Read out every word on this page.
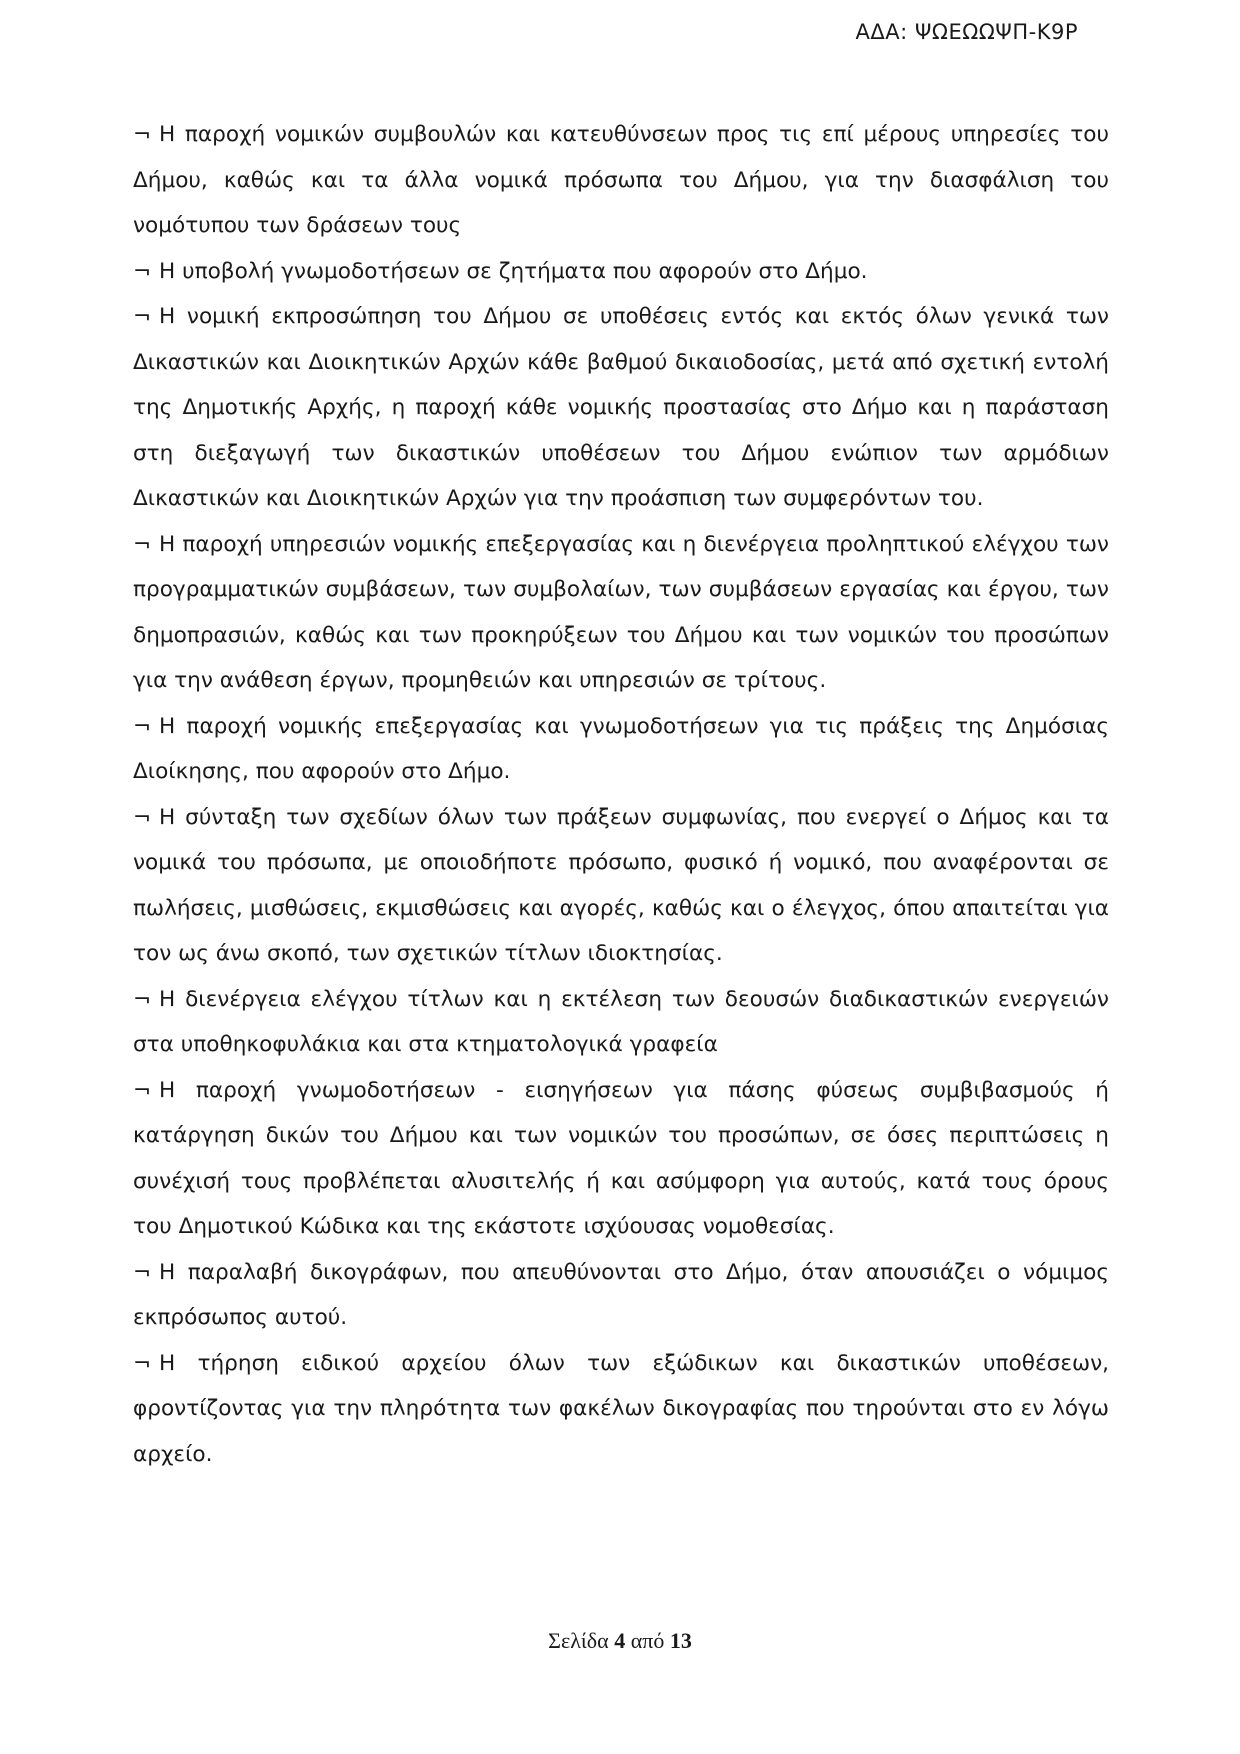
ΑΔΑ: ΨΩΕΩΩΨΠ-Κ9Ρ

¬ Η παροχή νομικών συμβουλών και κατευθύνσεων προς τις επί μέρους υπηρεσίες του Δήμου, καθώς και τα άλλα νομικά πρόσωπα του Δήμου, για την διασφάλιση του νομότυπου των δράσεων τους

¬ Η υποβολή γνωμοδοτήσεων σε ζητήματα που αφορούν στο Δήμο.

¬ Η νομική εκπροσώπηση του Δήμου σε υποθέσεις εντός και εκτός όλων γενικά των Δικαστικών και Διοικητικών Αρχών κάθε βαθμού δικαιοδοσίας, μετά από σχετική εντολή της Δημοτικής Αρχής, η παροχή κάθε νομικής προστασίας στο Δήμο και η παράσταση στη διεξαγωγή των δικαστικών υποθέσεων του Δήμου ενώπιον των αρμόδιων Δικαστικών και Διοικητικών Αρχών για την προάσπιση των συμφερόντων του.

¬ Η παροχή υπηρεσιών νομικής επεξεργασίας και η διενέργεια προληπτικού ελέγχου των προγραμματικών συμβάσεων, των συμβολαίων, των συμβάσεων εργασίας και έργου, των δημοπρασιών, καθώς και των προκηρύξεων του Δήμου και των νομικών του προσώπων για την ανάθεση έργων, προμηθειών και υπηρεσιών σε τρίτους.

¬ Η παροχή νομικής επεξεργασίας και γνωμοδοτήσεων για τις πράξεις της Δημόσιας Διοίκησης, που αφορούν στο Δήμο.

¬ Η σύνταξη των σχεδίων όλων των πράξεων συμφωνίας, που ενεργεί ο Δήμος και τα νομικά του πρόσωπα, με οποιοδήποτε πρόσωπο, φυσικό ή νομικό, που αναφέρονται σε πωλήσεις, μισθώσεις, εκμισθώσεις και αγορές, καθώς και ο έλεγχος, όπου απαιτείται για τον ως άνω σκοπό, των σχετικών τίτλων ιδιοκτησίας.

¬ Η διενέργεια ελέγχου τίτλων και η εκτέλεση των δεουσών διαδικαστικών ενεργειών στα υποθηκοφυλάκια και στα κτηματολογικά γραφεία

¬ Η παροχή γνωμοδοτήσεων - εισηγήσεων για πάσης φύσεως συμβιβασμούς ή κατάργηση δικών του Δήμου και των νομικών του προσώπων, σε όσες περιπτώσεις η συνέχισή τους προβλέπεται αλυσιτελής ή και ασύμφορη για αυτούς, κατά τους όρους του Δημοτικού Κώδικα και της εκάστοτε ισχύουσας νομοθεσίας.

¬ Η παραλαβή δικογράφων, που απευθύνονται στο Δήμο, όταν απουσιάζει ο νόμιμος εκπρόσωπος αυτού.

¬ Η τήρηση ειδικού αρχείου όλων των εξώδικων και δικαστικών υποθέσεων, φροντίζοντας για την πληρότητα των φακέλων δικογραφίας που τηρούνται στο εν λόγω αρχείο.

Σελίδα 4 από 13
